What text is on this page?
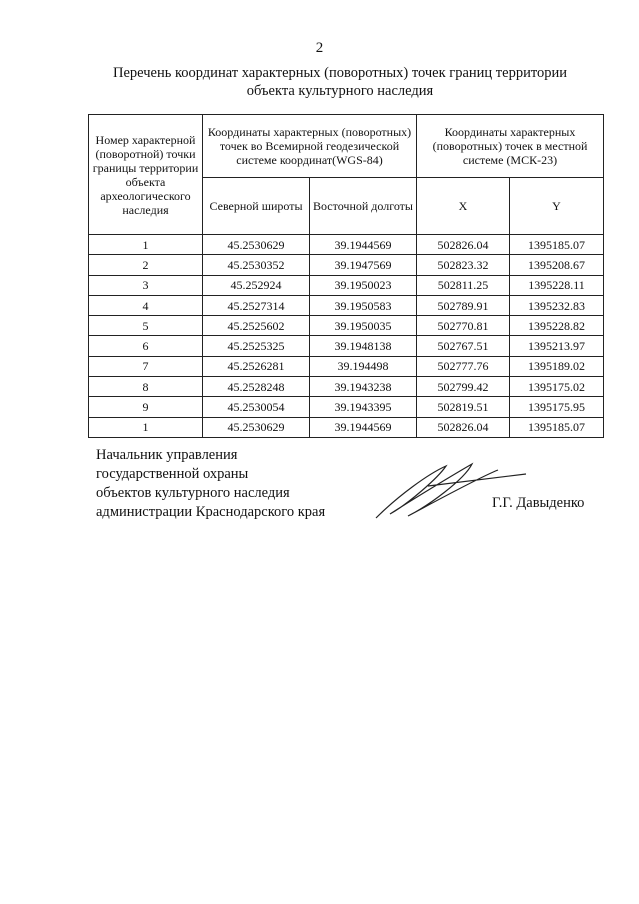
2
Перечень координат характерных (поворотных) точек границ территории
объекта культурного наследия
Номер характерной (поворотной) точки границы территории объекта археологического наследия	Координаты характерных (поворотных) точек во Всемирной геодезической системе координат(WGS-84)		Координаты характерных (поворотных) точек в местной системе (МСК-23)	
	Северной широты	Восточной долготы	X	Y
1	45.2530629	39.1944569	502826.04	1395185.07
2	45.2530352	39.1947569	502823.32	1395208.67
3	45.252924	39.1950023	502811.25	1395228.11
4	45.2527314	39.1950583	502789.91	1395232.83
5	45.2525602	39.1950035	502770.81	1395228.82
6	45.2525325	39.1948138	502767.51	1395213.97
7	45.2526281	39.194498	502777.76	1395189.02
8	45.2528248	39.1943238	502799.42	1395175.02
9	45.2530054	39.1943395	502819.51	1395175.95
1	45.2530629	39.1944569	502826.04	1395185.07
Начальник управления
государственной охраны
объектов культурного наследия
администрации Краснодарского края
Г.Г. Давыденко
